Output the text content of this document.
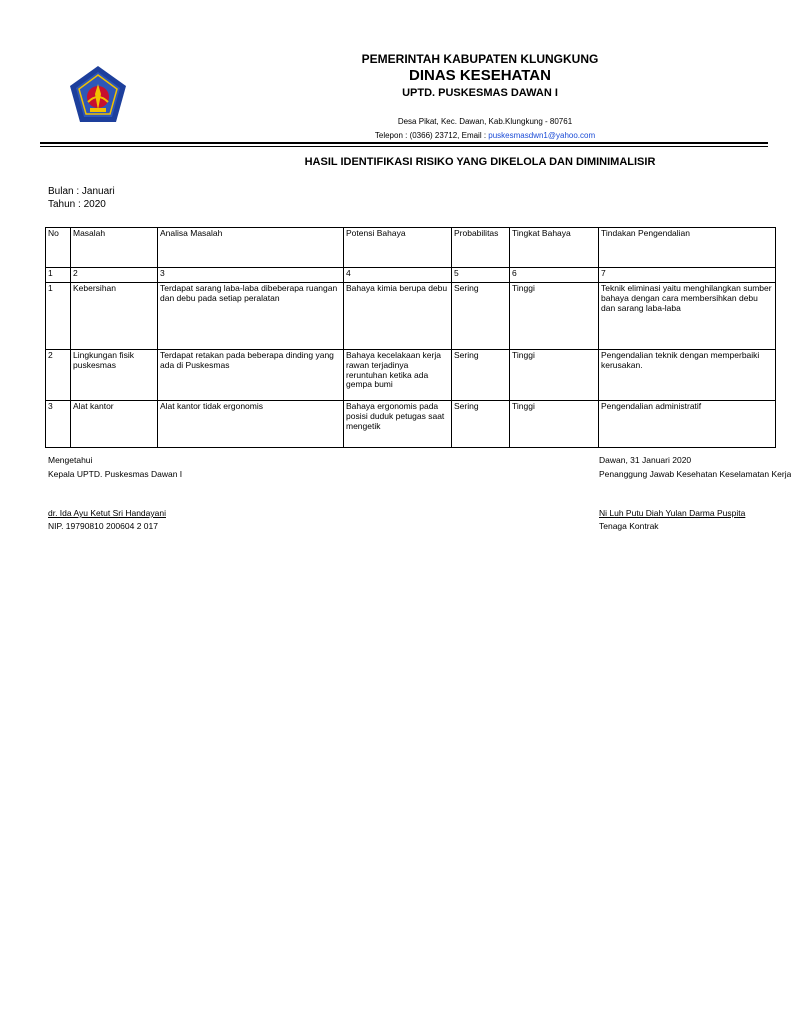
PEMERINTAH KABUPATEN KLUNGKUNG
DINAS KESEHATAN
UPTD. PUSKESMAS DAWAN I
Desa Pikat, Kec. Dawan, Kab.Klungkung - 80761
Telepon : (0366) 23712, Email : puskesmasdwn1@yahoo.com
HASIL IDENTIFIKASI RISIKO YANG DIKELOLA DAN DIMINIMALISIR
Bulan : Januari
Tahun : 2020
No	Masalah	Analisa Masalah	Potensi Bahaya	Probabilitas	Tingkat Bahaya	Tindakan Pengendalian
1	2	3	4	5	6	7
1	Kebersihan	Terdapat sarang laba-laba dibeberapa ruangan dan debu pada setiap peralatan	Bahaya kimia berupa debu	Sering	Tinggi	Teknik eliminasi yaitu menghilangkan sumber bahaya dengan cara membersihkan debu dan sarang laba-laba
2	Lingkungan fisik puskesmas	Terdapat retakan pada beberapa dinding yang ada di Puskesmas	Bahaya kecelakaan kerja rawan terjadinya reruntuhan ketika ada gempa bumi	Sering	Tinggi	Pengendalian teknik dengan memperbaiki kerusakan.
3	Alat kantor	Alat kantor tidak ergonomis	Bahaya ergonomis pada posisi duduk petugas saat mengetik	Sering	Tinggi	Pengendalian administratif
Mengetahui
Kepala UPTD. Puskesmas Dawan I
dr. Ida Ayu Ketut Sri Handayani
NIP. 19790810 200604 2 017
Dawan, 31 Januari 2020
Penanggung Jawab Kesehatan Keselamatan Kerja
Ni Luh Putu Diah Yulan Darma Puspita
Tenaga Kontrak
